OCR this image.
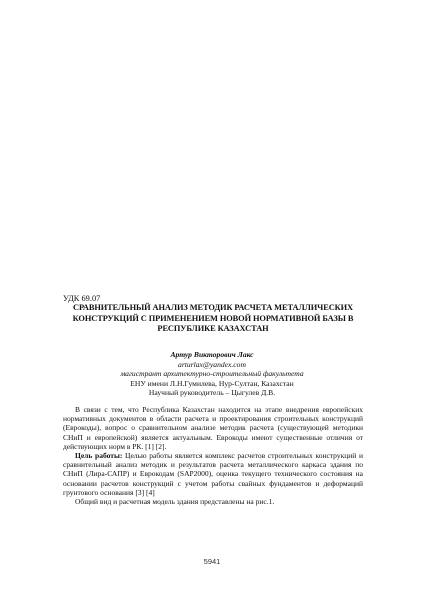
УДК 69.07
СРАВНИТЕЛЬНЫЙ АНАЛИЗ МЕТОДИК РАСЧЕТА МЕТАЛЛИЧЕСКИХ
КОНСТРУКЦИЙ С ПРИМЕНЕНИЕМ НОВОЙ НОРМАТИВНОЙ БАЗЫ В
РЕСПУБЛИКЕ КАЗАХСТАН
Артур Викторович Лакс
arturlax@yandex.com
магистрант архитектурно-строительный факультета
ЕНУ имени Л.Н.Гумилева, Нур-Султан, Казахстан
Научный руководитель – Цыгулев Д.В.
В связи с тем, что Республика Казахстан находится на этапе внедрения европейских
нормативных документов в области расчета и проектирования строительных конструкций
(Еврокоды), вопрос о сравнительном анализе методик расчета (существующей методики
СНиП и европейской) является актуальным. Еврокоды имеют существенные отличия от
действующих норм в РК. [1] [2].
Цель работы: Целью работы является комплекс расчетов строительных конструкций и
сравнительный анализ методик и результатов расчета металлического каркаса здания по
СНиП (Лира-САПР) и Еврокодам (SAP2000), оценка текущего технического состояния на
основании расчетов конструкций с учетом работы свайных фундаментов и деформаций
грунтового основания [3] [4]
Общий вид и расчетная модель здания представлены на рис.1.
5941
